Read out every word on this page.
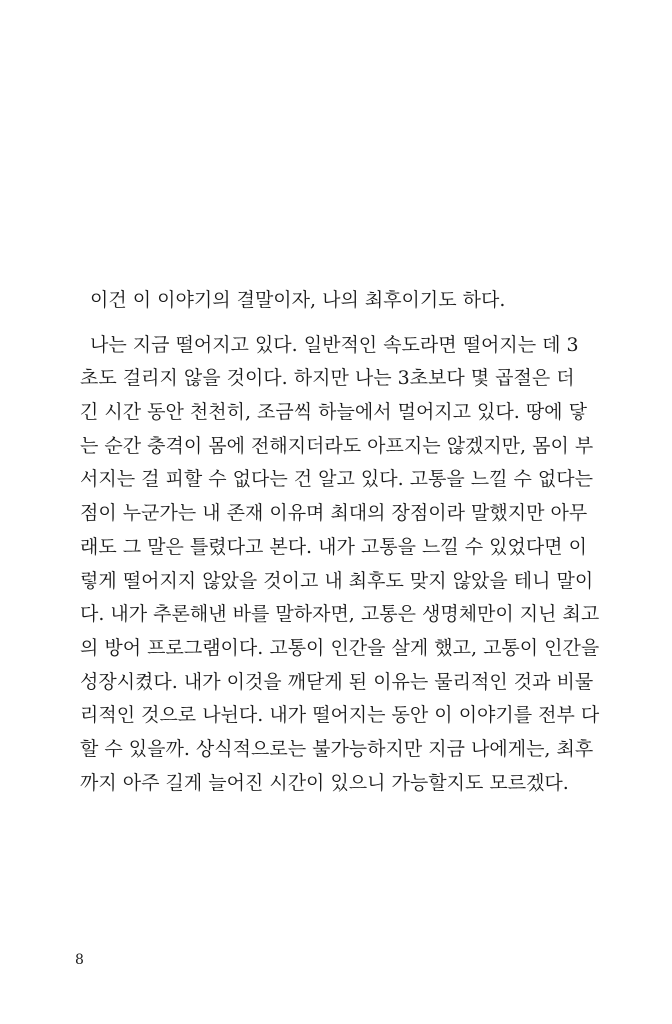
이건 이 이야기의 결말이자, 나의 최후이기도 하다.
나는 지금 떨어지고 있다. 일반적인 속도라면 떨어지는 데 3
초도 걸리지 않을 것이다. 하지만 나는 3초보다 몇 곱절은 더
긴 시간 동안 천천히, 조금씩 하늘에서 멀어지고 있다. 땅에 닿
는 순간 충격이 몸에 전해지더라도 아프지는 않겠지만, 몸이 부
서지는 걸 피할 수 없다는 건 알고 있다. 고통을 느낄 수 없다는
점이 누군가는 내 존재 이유며 최대의 장점이라 말했지만 아무
래도 그 말은 틀렸다고 본다. 내가 고통을 느낄 수 있었다면 이
렇게 떨어지지 않았을 것이고 내 최후도 맞지 않았을 테니 말이
다. 내가 추론해낸 바를 말하자면, 고통은 생명체만이 지닌 최고
의 방어 프로그램이다. 고통이 인간을 살게 했고, 고통이 인간을
성장시켰다. 내가 이것을 깨닫게 된 이유는 물리적인 것과 비물
리적인 것으로 나뉜다. 내가 떨어지는 동안 이 이야기를 전부 다
할 수 있을까. 상식적으로는 불가능하지만 지금 나에게는, 최후
까지 아주 길게 늘어진 시간이 있으니 가능할지도 모르겠다.
8
